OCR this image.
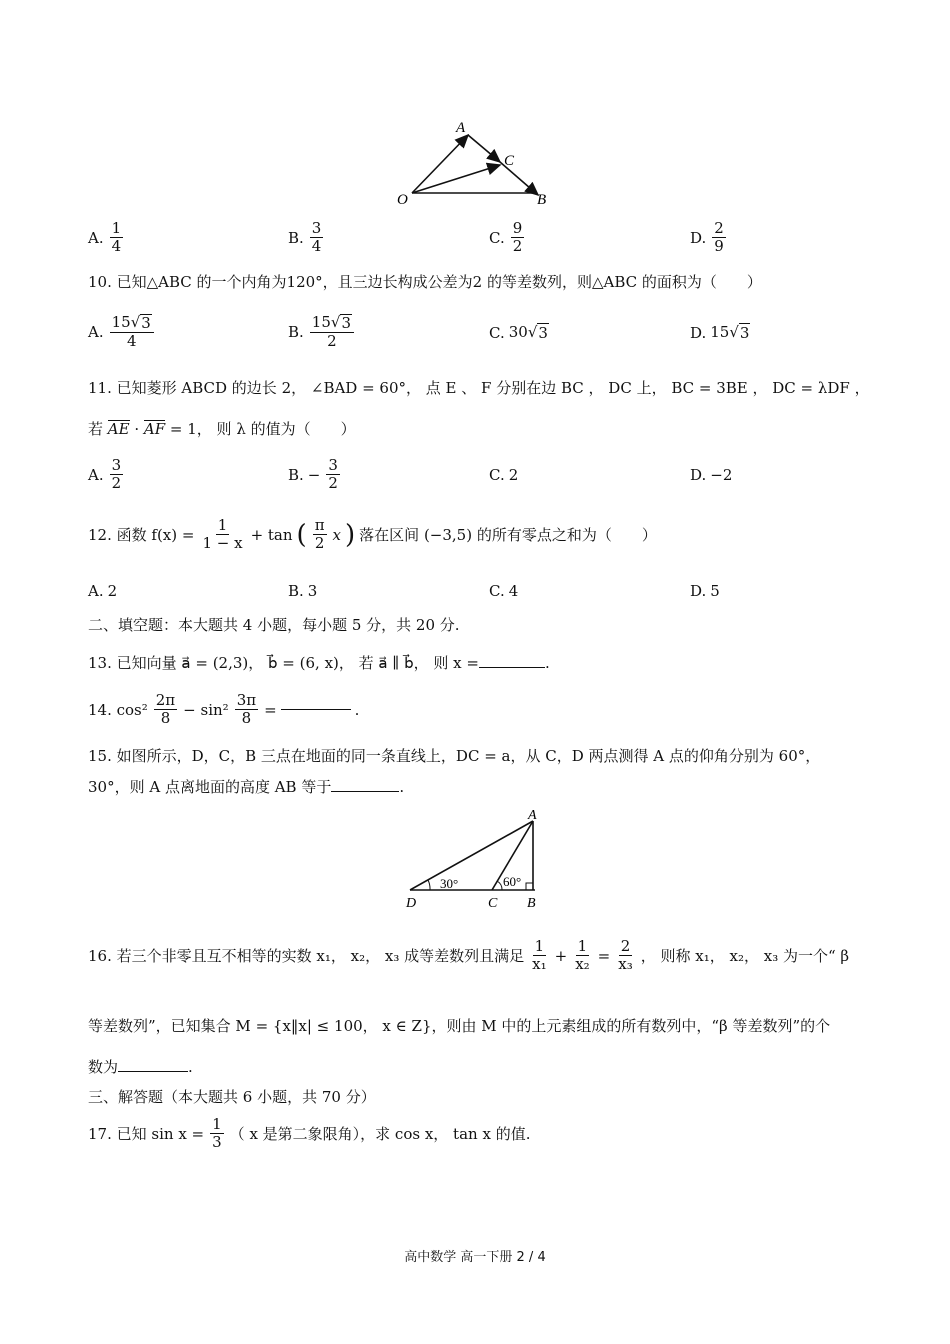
A
C
B
O
A. $\frac{1}{4}$	B. $\frac{3}{4}$	C. $\frac{9}{2}$	D. $\frac{2}{9}$
10. 已知△ABC 的一个内角为120°，且三边长构成公差为2 的等差数列，则△ABC 的面积为（　　）
A. $\frac{15√ 3}{4}$	B. $\frac{15√ 3}{2}$	C. 30√ 3	D. 15√ 3
11. 已知菱形 ABCD 的边长 2， ∠BAD = 60°， 点 E 、 F 分别在边 BC ， DC 上， BC = 3BE ， DC = λDF ，
若 AE · AF = 1， 则 λ 的值为（　　）
A. $\frac{3}{2}$	B. − $\frac{3}{2}$	C. 2	D. −2
12. 函数 $f(x) = \frac{1}{1 - x} + \tan$ ( $\frac{\pi}{2}$ x ) 落在区间 (−3,5) 的所有零点之和为（　　）
A. 2	B. 3	C. 4	D. 5
二、填空题：本大题共 4 小题，每小题 5 分，共 20 分.
13. 已知向量 a⃗ = (2,3)， b⃗ = (6, x)， 若 a⃗ ∥ b⃗， 则 x =	.
14. $\cos^2 \frac{2\pi}{8} - \sin^2 \frac{3\pi}{8}$ =	.
15. 如图所示，D，C，B 三点在地面的同一条直线上，DC = a，从 C，D 两点测得 A 点的仰角分别为 60°，
30°，则 A 点离地面的高度 AB 等于	.
30°	60°
A
D	C B
16. 若三个非零且互不相等的实数 x₁， x₂， x₃ 成等差数列且满足 $\frac{1}{\text{x₁}} + \frac{1}{\text{x₂}} = \frac{2}{\text{x₃}}$ ， 则称 x₁， x₂， x₃ 为一个“ β
等差数列”，已知集合 M = {x‖x| ≤ 100， x ∈ Z}，则由 M 中的上元素组成的所有数列中，“β 等差数列”的个
数为	.
三、解答题（本大题共 6 小题，共 70 分）
17. 已知 $\sin x = \frac{1}{3}$ （ x 是第二象限角），求 cos x， tan x 的值.
高中数学 高一下册 2 / 4
